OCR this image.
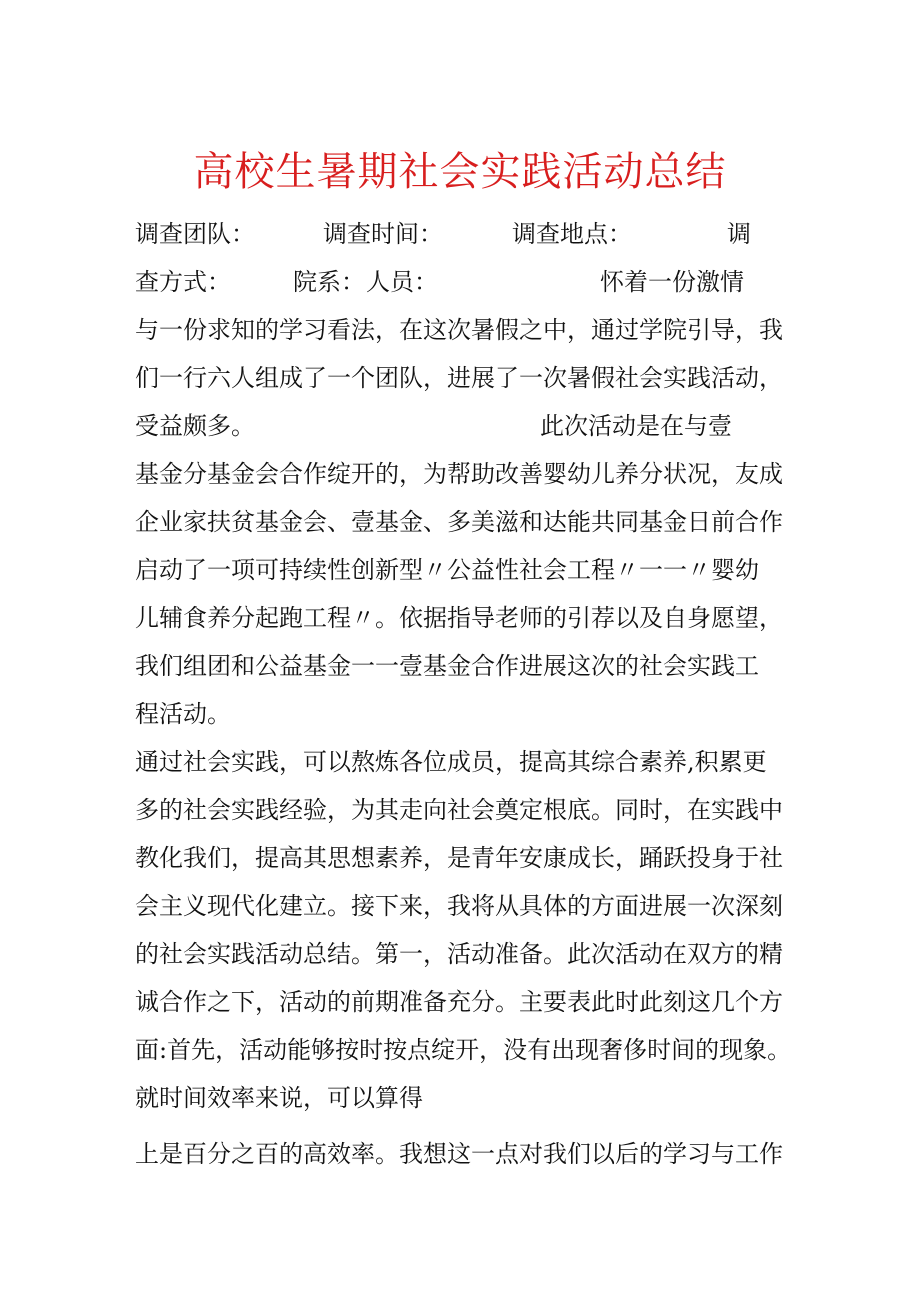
高校生暑期社会实践活动总结
调查团队：	调查时间：	调查地点：	调
查方式：	院系： 人员：	怀着一份激情
与一份求知的学习看法，在这次暑假之中，通过学院引导，我
们一行六人组成了一个团队，进展了一次暑假社会实践活动，
受益颇多。	此次活动是在与壹
基金分基金会合作绽开的，为帮助改善婴幼儿养分状况，友成
企业家扶贫基金会、壹基金、多美滋和达能共同基金日前合作
启动了一项可持续性创新型〃公益性社会工程〃一一〃婴幼
儿辅食养分起跑工程〃。依据指导老师的引荐以及自身愿望，
我们组团和公益基金一一壹基金合作进展这次的社会实践工
程活动。
通过社会实践，可以熬炼各位成员，提高其综合素养,积累更
多的社会实践经验，为其走向社会奠定根底。同时，在实践中
教化我们，提高其思想素养，是青年安康成长，踊跃投身于社
会主义现代化建立。接下来，我将从具体的方面进展一次深刻
的社会实践活动总结。第一，活动准备。此次活动在双方的精
诚合作之下，活动的前期准备充分。主要表此时此刻这几个方
面:首先，活动能够按时按点绽开，没有出现奢侈时间的现象。
就时间效率来说，可以算得
上是百分之百的高效率。我想这一点对我们以后的学习与工作
